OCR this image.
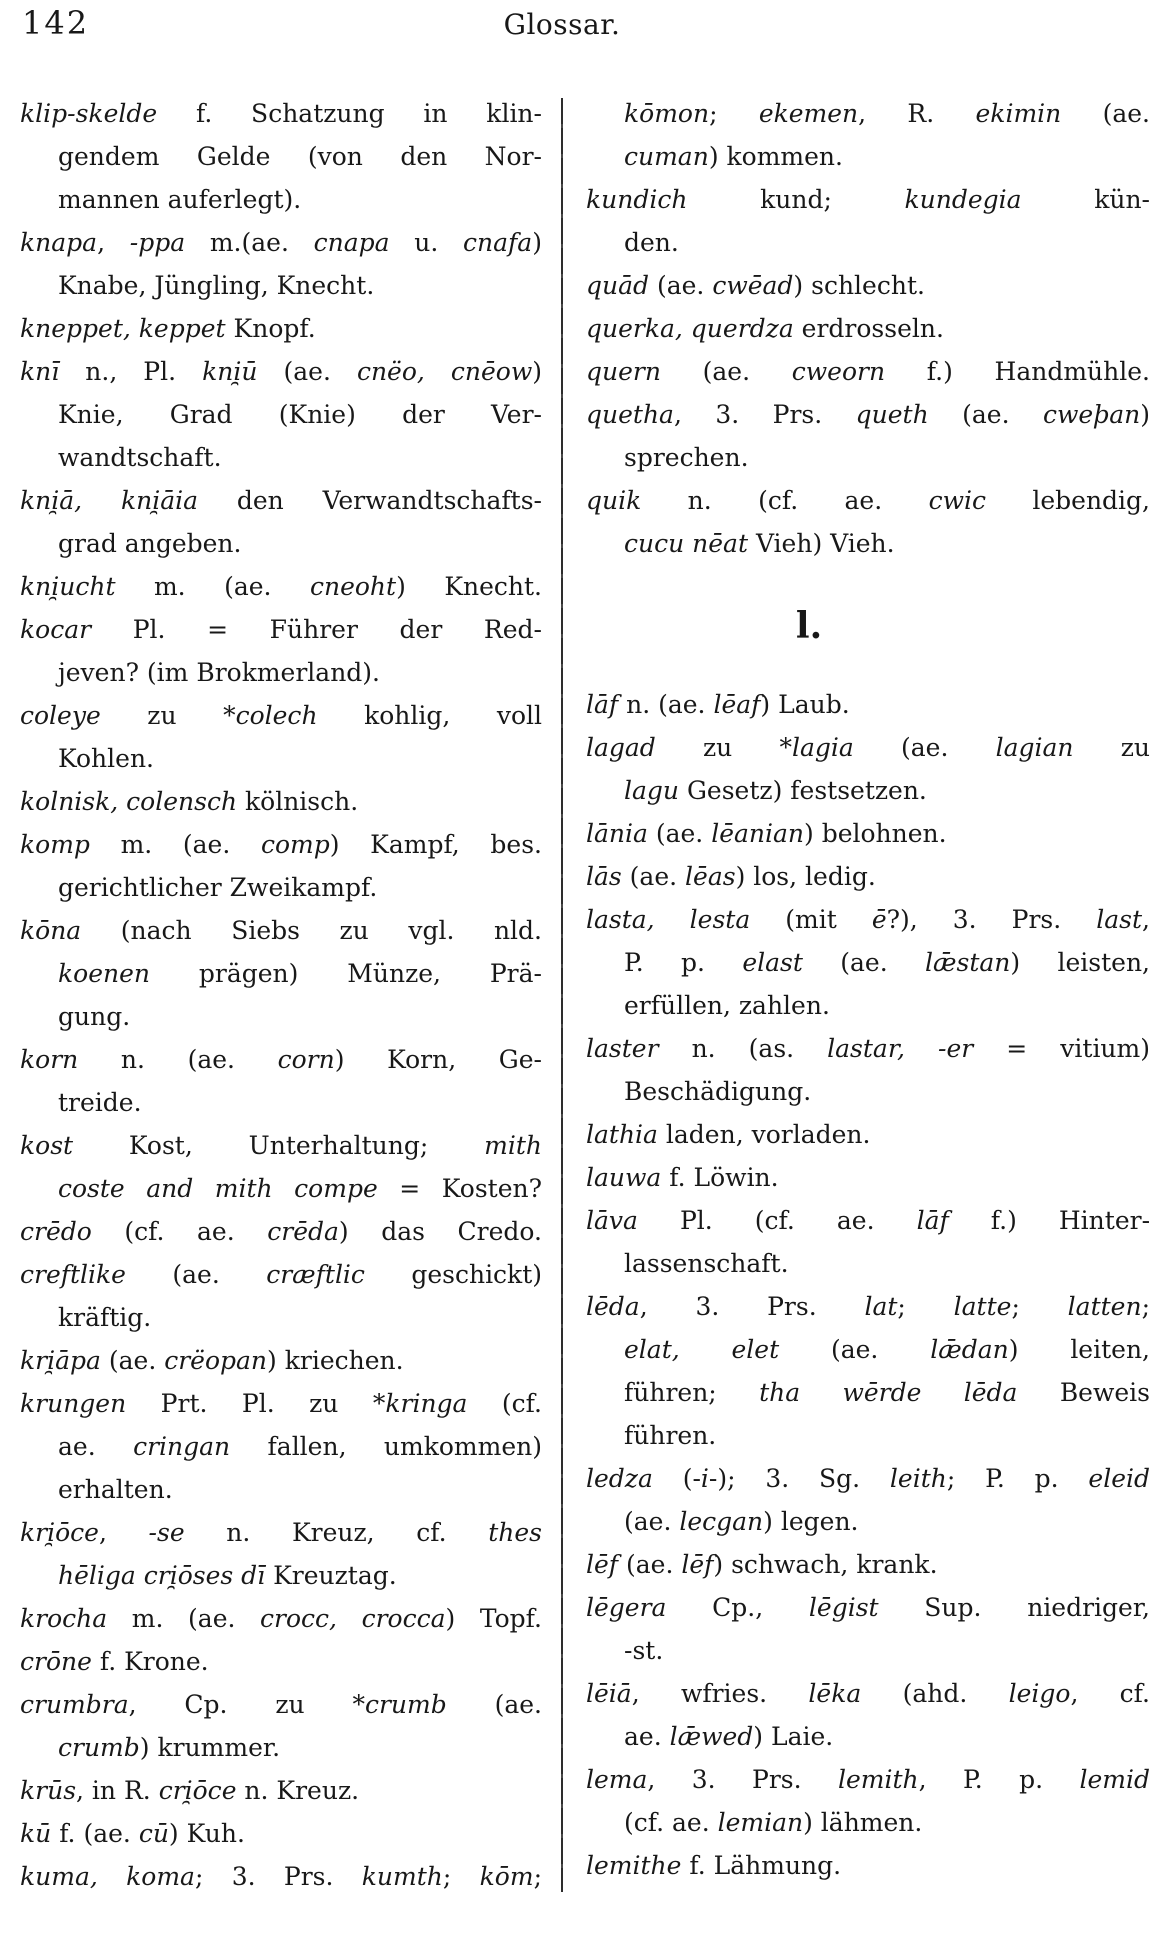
142	Glossar.
klip-skelde f. Schatzung in klin-
gendem Gelde (von den Nor-
mannen auferlegt).
knapa, -ppa m.(ae. cnapa u. cnafa)
Knabe, Jüngling, Knecht.
kneppet, keppet Knopf.
knī n., Pl. kni̯ū (ae. cnëo, cnēow)
Knie, Grad (Knie) der Ver-
wandtschaft.
kni̯ā, kni̯āia den Verwandtschafts-
grad angeben.
kni̯ucht m. (ae. cneoht) Knecht.
kocar Pl. = Führer der Red-
jeven? (im Brokmerland).
coleye zu *colech kohlig, voll
Kohlen.
kolnisk, colensch kölnisch.
komp m. (ae. comp) Kampf, bes.
gerichtlicher Zweikampf.
kōna (nach Siebs zu vgl. nld.
koenen prägen) Münze, Prä-
gung.
korn n. (ae. corn) Korn, Ge-
treide.
kost Kost, Unterhaltung; mith
coste and mith compe = Kosten?
crēdo (cf. ae. crēda) das Credo.
creftlike (ae. cræftlic geschickt)
kräftig.
kri̯āpa (ae. crëopan) kriechen.
krungen Prt. Pl. zu *kringa (cf.
ae. cringan fallen, umkommen)
erhalten.
kri̯ōce, -se n. Kreuz, cf. thes
hēliga cri̯ōses dī Kreuztag.
krocha m. (ae. crocc, crocca) Topf.
crōne f. Krone.
crumbra, Cp. zu *crumb (ae.
crumb) krummer.
krūs, in R. cri̯ōce n. Kreuz.
kū f. (ae. cū) Kuh.
kuma, koma; 3. Prs. kumth; kōm;
kōmon; ekemen, R. ekimin (ae.
cuman) kommen.
kundich kund; kundegia kün-
den.
quād (ae. cwēad) schlecht.
querka, querdza erdrosseln.
quern (ae. cweorn f.) Handmühle.
quetha, 3. Prs. queth (ae. cweþan)
sprechen.
quik n. (cf. ae. cwic lebendig,
cucu nēat Vieh) Vieh.
l.
lāf n. (ae. lēaf) Laub.
lagad zu *lagia (ae. lagian zu
lagu Gesetz) festsetzen.
lānia (ae. lēanian) belohnen.
lās (ae. lēas) los, ledig.
lasta, lesta (mit ē?), 3. Prs. last,
P. p. elast (ae. lǣstan) leisten,
erfüllen, zahlen.
laster n. (as. lastar, -er = vitium)
Beschädigung.
lathia laden, vorladen.
lauwa f. Löwin.
lāva Pl. (cf. ae. lāf f.) Hinter-
lassenschaft.
lēda, 3. Prs. lat; latte; latten;
elat, elet (ae. lǣdan) leiten,
führen; tha wērde lēda Beweis
führen.
ledza (-i-); 3. Sg. leith; P. p. eleid
(ae. lecgan) legen.
lēf (ae. lēf) schwach, krank.
lēgera Cp., lēgist Sup. niedriger,
-st.
lēiā, wfries. lēka (ahd. leigo, cf.
ae. lǣwed) Laie.
lema, 3. Prs. lemith, P. p. lemid
(cf. ae. lemian) lähmen.
lemithe f. Lähmung.
